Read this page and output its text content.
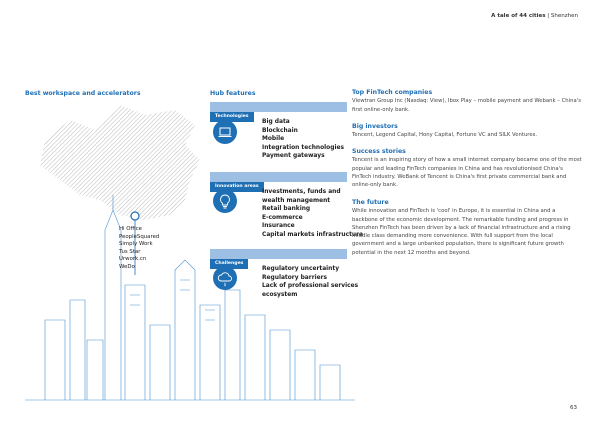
A tale of 44 cities | Shenzhen
Best workspace and accelerators
Hi Office
PeopleSquared
Simply Work
Tus Star
Urwork.cn
WeDo
Hub features
Technologies
Big data
Blockchain
Mobile
Integration technologies
Payment gateways
Innovation areas
Investments, funds and
wealth management
Retail banking
E-commerce
Insurance
Capital markets infrastructure
Challenges
$
Regulatory uncertainty
Regulatory barriers
Lack of professional services
ecosystem
Top FinTech companies
Viewtran Group Inc (Nasdaq: View), Ibox Play – mobile payment and Webank – China's first online-only bank.
Big investors
Tencent, Legend Capital, Hony Capital, Fortune VC and SILK Ventures.
Success stories
Tencent is an inspiring story of how a small internet company became one of the most popular and leading FinTech companies in China and has revolutionised China's FinTech industry. WeBank of Tencent is China's first private commercial bank and online-only bank.
The future
While innovation and FinTech is 'cool' in Europe, it is essential in China and a backbone of the economic development. The remarkable funding and progress in Shenzhen FinTech has been driven by a lack of financial infrastructure and a rising middle class demanding more convenience. With full support from the local government and a large unbanked population, there is significant future growth potential in the next 12 months and beyond.
63
